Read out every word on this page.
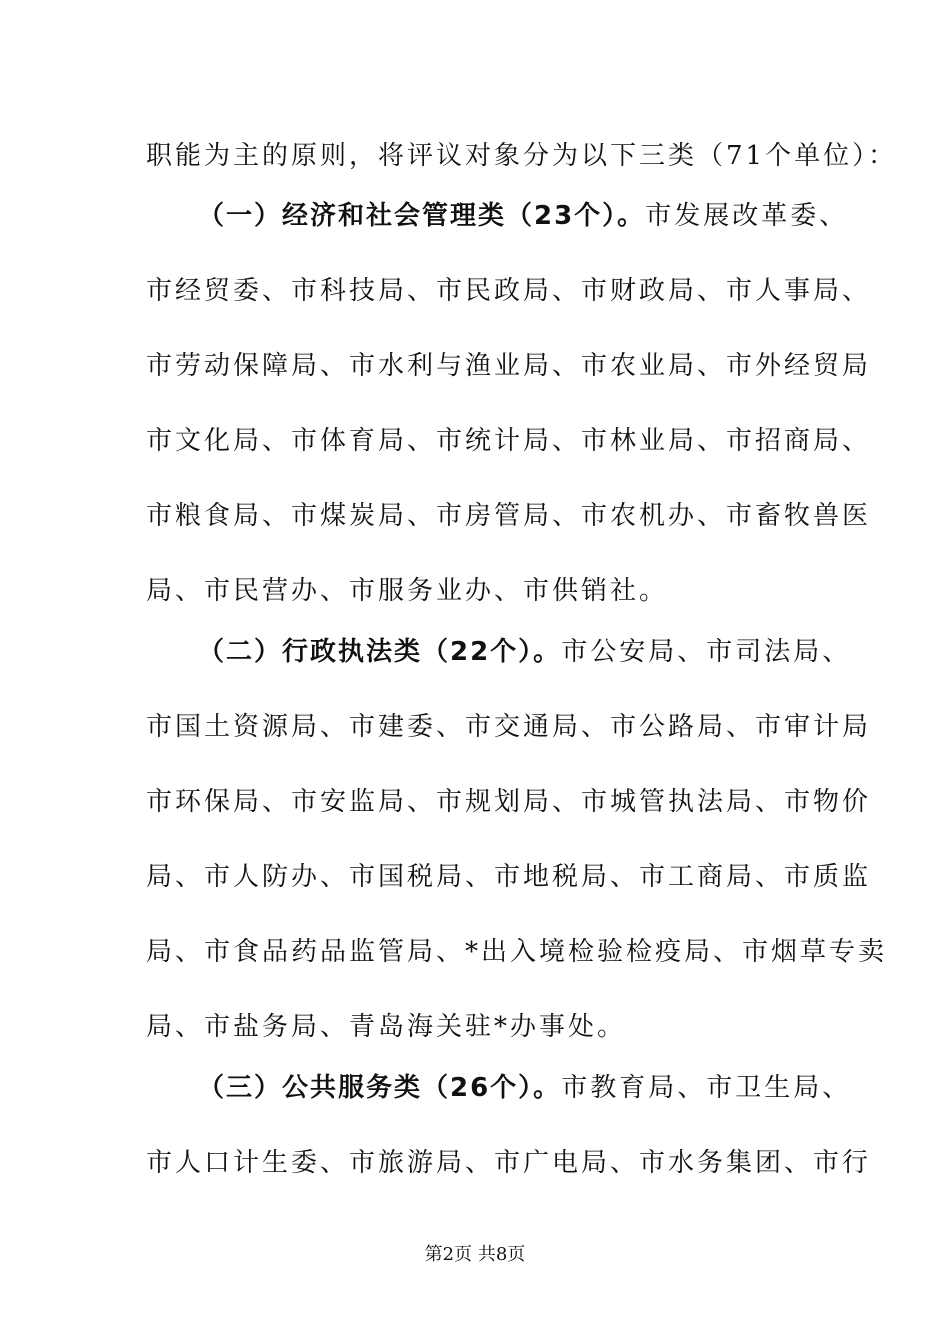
职能为主的原则，将评议对象分为以下三类（71个单位）：
（一）经济和社会管理类（23个）。市发展改革委、
市经贸委、市科技局、市民政局、市财政局、市人事局、
市劳动保障局、市水利与渔业局、市农业局、市外经贸局
市文化局、市体育局、市统计局、市林业局、市招商局、
市粮食局、市煤炭局、市房管局、市农机办、市畜牧兽医
局、市民营办、市服务业办、市供销社。
（二）行政执法类（22个）。市公安局、市司法局、
市国土资源局、市建委、市交通局、市公路局、市审计局
市环保局、市安监局、市规划局、市城管执法局、市物价
局、市人防办、市国税局、市地税局、市工商局、市质监
局、市食品药品监管局、*出入境检验检疫局、市烟草专卖
局、市盐务局、青岛海关驻*办事处。
（三）公共服务类（26个）。市教育局、市卫生局、
市人口计生委、市旅游局、市广电局、市水务集团、市行
第2页 共8页
